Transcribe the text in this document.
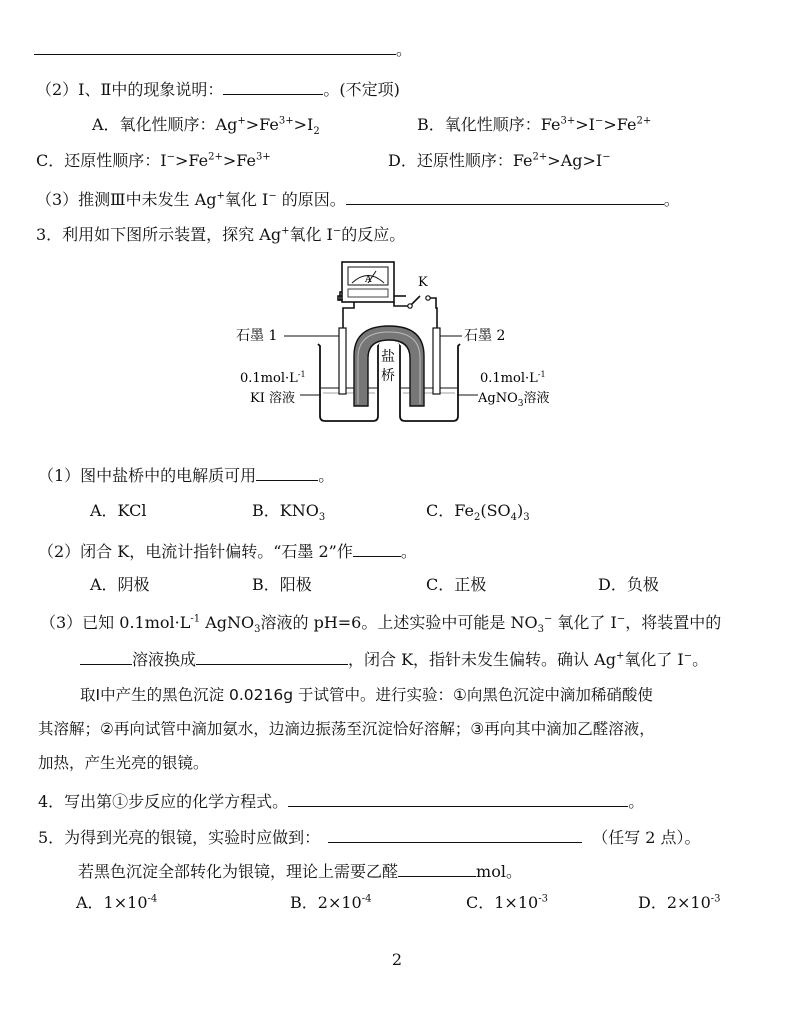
。
（2）Ⅰ、Ⅱ中的现象说明：	。(不定项)
A．氧化性顺序：$Ag^+>Fe^{3+}>I_2$	B．氧化性顺序：$Fe^{3+}>I^->Fe^{2+}$
C．还原性顺序：$I^->Fe^{2+}>Fe^{3+}$	D．还原性顺序：$Fe^{2+}>Ag>I^-$
（3）推测Ⅲ中未发生 Ag+氧化 I− 的原因。	。
3．利用如下图所示装置，探究 Ag+氧化 I−的反应。
A	K
盐
桥
石墨 1	石墨 2
$0.1mol\cdot L^{-1}$
KI 溶液
$0.1mol\cdot L^{-1}$
AgNO$_3$溶液
（1）图中盐桥中的电解质可用	。
A．KCl	B．$KNO_3$	C．$Fe_2(SO_4)_3$
（2）闭合 K，电流计指针偏转。“石墨 2”作	。
A．阴极	B．阳极	C．正极	D．负极
（3）已知 $0.1mol\cdot L^{-1}$ AgNO$_3$溶液的 pH=6。上述实验中可能是 $NO_3^-$ 氧化了 I−，将装置中的
溶液换成	，闭合 K，指针未发生偏转。确认 Ag+氧化了 I−。
取Ⅰ中产生的黑色沉淀 0.0216g 于试管中。进行实验：①向黑色沉淀中滴加稀硝酸使
其溶解；②再向试管中滴加氨水，边滴边振荡至沉淀恰好溶解；③再向其中滴加乙醛溶液，
加热，产生光亮的银镜。
4．写出第①步反应的化学方程式。	。
5．为得到光亮的银镜，实验时应做到：	（任写 2 点）。
若黑色沉淀全部转化为银镜，理论上需要乙醛	mol。
A．$1\times 10^{-4}$	B．$2\times 10^{-4}$	C．$1\times 10^{-3}$	D．$2\times 10^{-3}$
2
